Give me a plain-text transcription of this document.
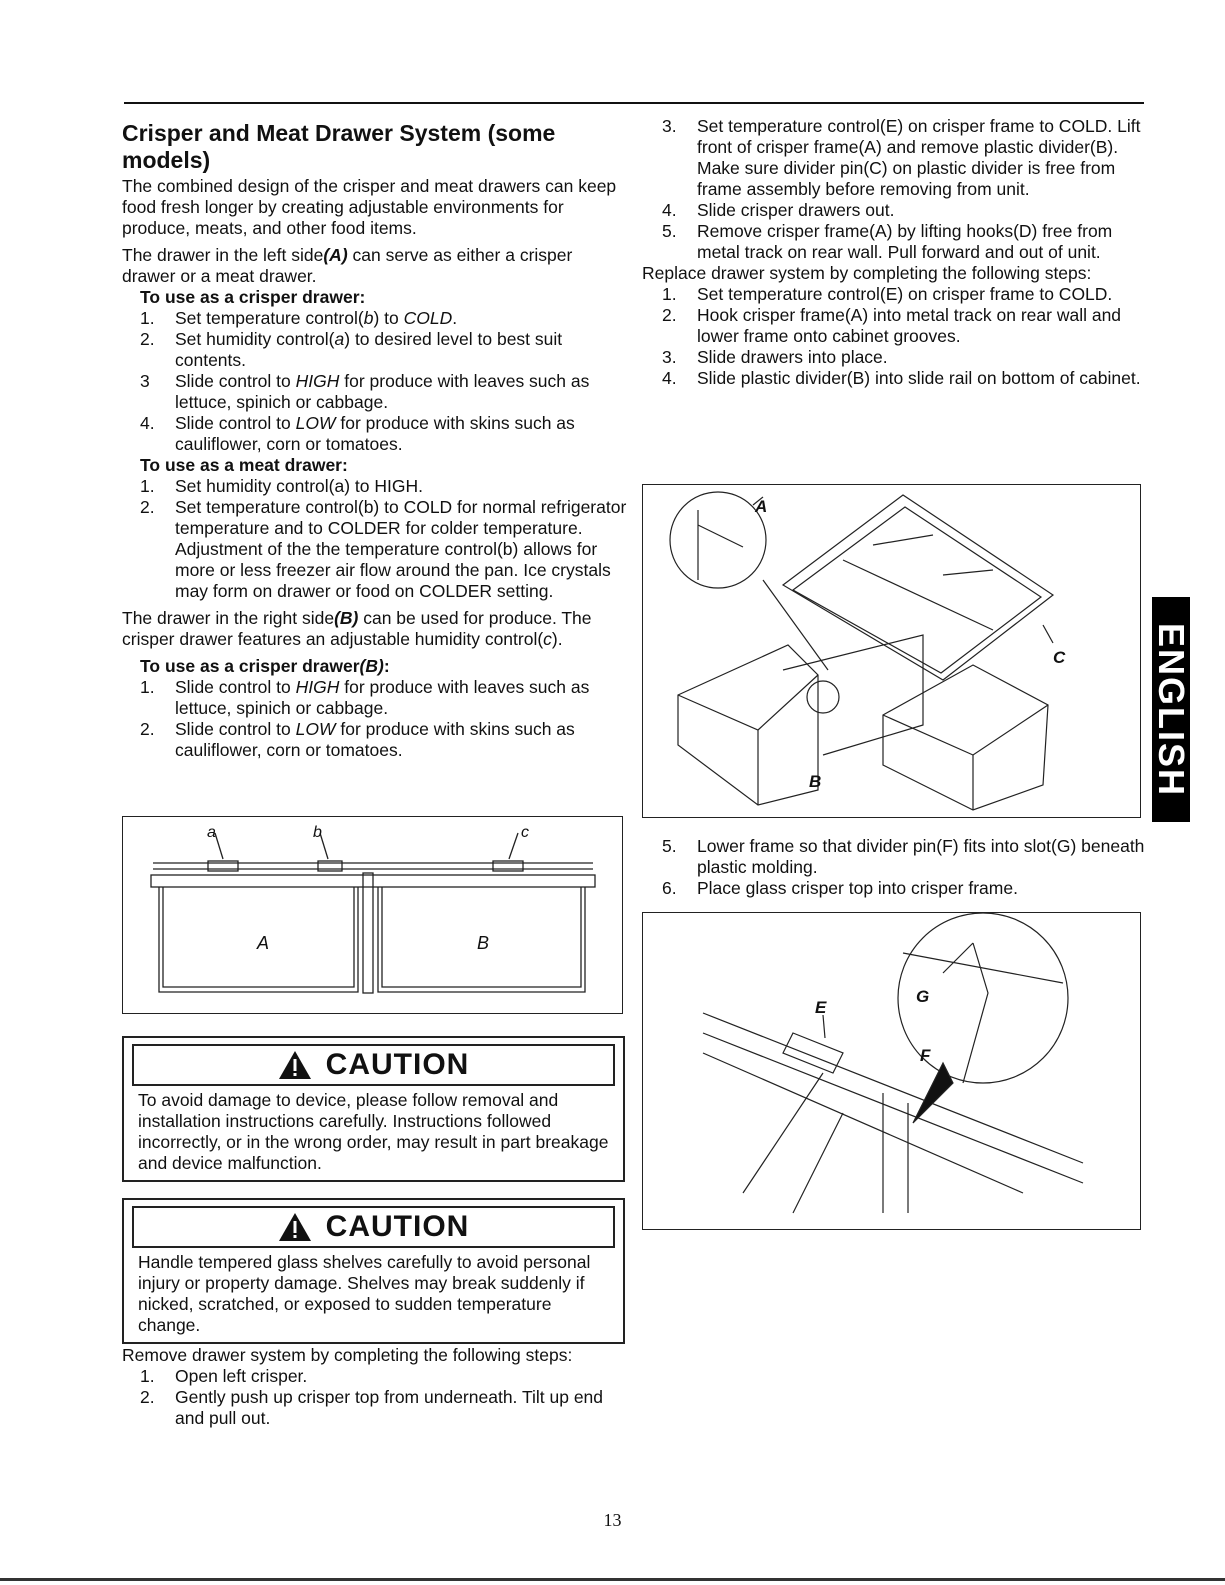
Crisper and Meat Drawer System (some models)

The combined design of the crisper and meat drawers can keep food fresh longer by creating adjustable environments for produce, meats, and other food items.

The drawer in the left side(A) can serve as either a crisper drawer or a meat drawer.

To use as a crisper drawer:

1. Set temperature control(b) to COLD.
2. Set humidity control(a) to desired level to best suit contents.
3 Slide control to HIGH for produce with leaves such as lettuce, spinich or cabbage.
4. Slide control to LOW for produce with skins such as cauliflower, corn or tomatoes.

To use as a meat drawer:

1. Set humidity control(a) to HIGH.
2. Set temperature control(b) to COLD for normal refrigerator temperature and to COLDER for colder temperature. Adjustment of the the temperature control(b) allows for more or less freezer air flow around the pan. Ice crystals may form on drawer or food on COLDER setting.

The drawer in the right side(B) can be used for produce. The crisper drawer features an adjustable humidity control(c).

To use as a crisper drawer(B):

1. Slide control to HIGH for produce with leaves such as lettuce, spinich or cabbage.
2. Slide control to LOW for produce with skins such as cauliflower, corn or tomatoes.
a	b	c
A	B
CAUTION
To avoid damage to device, please follow removal and installation instructions carefully. Instructions followed incorrectly, or in the wrong order, may result in part breakage and device malfunction.
CAUTION
Handle tempered glass shelves carefully to avoid personal injury or property damage. Shelves may break suddenly if nicked, scratched, or exposed to sudden temperature change.

Remove drawer system by completing the following steps:

1. Open left crisper.
2. Gently push up crisper top from underneath. Tilt up end and pull out.
3. Set temperature control(E) on crisper frame to COLD. Lift front of crisper frame(A) and remove plastic divider(B). Make sure divider pin(C) on plastic divider is free from frame assembly before removing from unit.
4. Slide crisper drawers out.
5. Remove crisper frame(A) by lifting hooks(D) free from metal track on rear wall. Pull forward and out of unit.

Replace drawer system by completing the following steps:

1. Set temperature control(E) on crisper frame to COLD.
2. Hook crisper frame(A) into metal track on rear wall and lower frame onto cabinet grooves.
3. Slide drawers into place.
4. Slide plastic divider(B) into slide rail on bottom of cabinet.
A
C
B
5. Lower frame so that divider pin(F) fits into slot(G) beneath plastic molding.
6. Place glass crisper top into crisper frame.
E
G
F
ENGLISH
13
